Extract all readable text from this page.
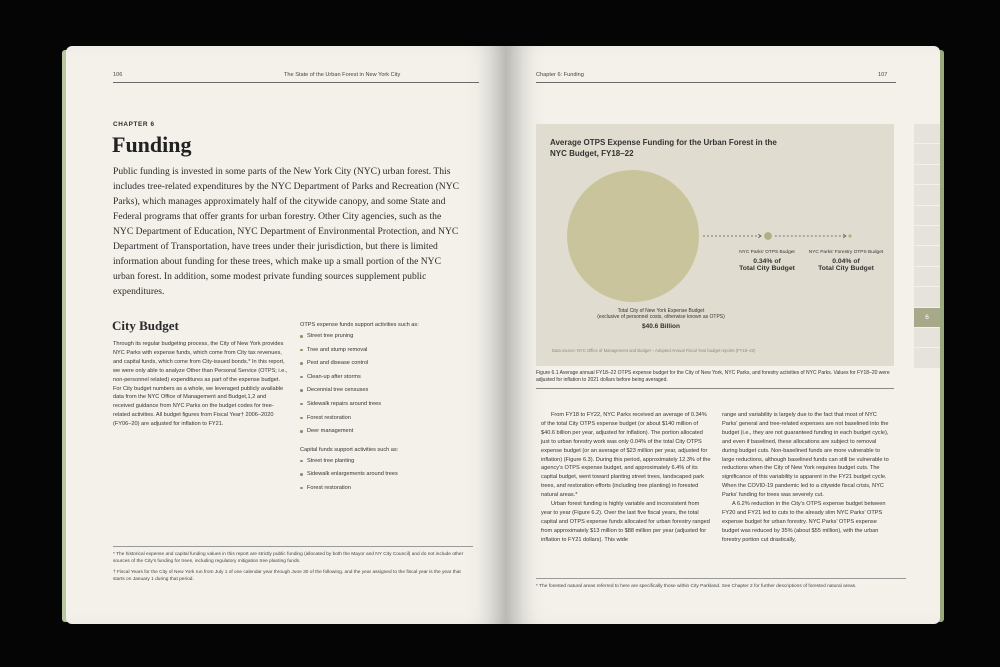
106	The State of the Urban Forest in New York City
CHAPTER 6
Funding

Public funding is invested in some parts of the New York City (NYC) urban forest. This includes tree-related expenditures by the NYC Department of Parks and Recreation (NYC Parks), which manages approximately half of the citywide canopy, and some State and Federal programs that offer grants for urban forestry. Other City agencies, such as the NYC Department of Education, NYC Department of Environmental Protection, and NYC Department of Transportation, have trees under their jurisdiction, but there is limited information about funding for these trees, which make up a small portion of the NYC urban forest. In addition, some modest private funding sources supplement public expenditures.

City Budget

Through its regular budgeting process, the City of New York provides NYC Parks with expense funds, which come from City tax revenues, and capital funds, which come from City-issued bonds.* In this report, we were only able to analyze Other than Personal Service (OTPS; i.e., non-personnel related) expenditures as part of the expense budget. For City budget numbers as a whole, we leveraged publicly available data from the NYC Office of Management and Budget,1,2 and received guidance from NYC Parks on the budget codes for tree-related activities. All budget figures from Fiscal Year† 2006–2020 (FY06–20) are adjusted for inflation to FY21.

OTPS expense funds support activities such as:
Street tree pruning
Tree and stump removal
Pest and disease control
Clean-up after storms
Decennial tree censuses
Sidewalk repairs around trees
Forest restoration
Deer management
Capital funds support activities such as:
Street tree planting
Sidewalk enlargements around trees
Forest restoration

* The historical expense and capital funding values in this report are strictly public funding (allocated by both the Mayor and NY City Council) and do not include other sources of the City’s funding for trees, including regulatory mitigation tree planting funds.

† Fiscal Years for the City of New York run from July 1 of one calendar year through June 30 of the following, and the year assigned to the fiscal year is the year that starts on January 1 during that period.

Chapter 6: Funding	107
Average OTPS Expense Funding for the Urban Forest in the NYC Budget, FY18–22
Total City of New York Expense Budget
(exclusive of personnel costs, otherwise known as OTPS)
$40.6 Billion
NYC Parks’ OTPS Budget
0.34% of
Total City Budget
NYC Parks’ Forestry OTPS Budget
0.04% of
Total City Budget
Data source: NYC Office of Management and Budget – Adopted Annual Fiscal Year budget reports (FY18–22)

Figure 6.1 Average annual FY18–22 OTPS expense budget for the City of New York, NYC Parks, and forestry activities of NYC Parks. Values for FY18–20 were adjusted for inflation to 2021 dollars before being averaged.

From FY18 to FY22, NYC Parks received an average of 0.34% of the total City OTPS expense budget (or about $140 million of $40.6 billion per year, adjusted for inflation). The portion allocated just to urban forestry work was only 0.04% of the total City OTPS expense budget (or an average of $23 million per year, adjusted for inflation) (Figure 6.3). During this period, approximately 12.3% of the agency’s OTPS expense budget, and approximately 6.4% of its capital budget, went toward planting street trees, landscaped park trees, and restoration efforts (including tree planting) in forested natural areas.*

Urban forest funding is highly variable and inconsistent from year to year (Figure 6.2). Over the last five fiscal years, the total capital and OTPS expense funds allocated for urban forestry ranged from approximately $13 million to $88 million per year (adjusted for inflation to FY21 dollars). This wide

range and variability is largely due to the fact that most of NYC Parks’ general and tree-related expenses are not baselined into the budget (i.e., they are not guaranteed funding in each budget cycle), and even if baselined, these allocations are subject to removal during budget cuts. Non-baselined funds are more vulnerable to large reductions, although baselined funds can still be vulnerable to reductions when the City of New York requires budget cuts. The significance of this variability is apparent in the FY21 budget cycle. When the COVID-19 pandemic led to a citywide fiscal crisis, NYC Parks’ funding for trees was severely cut.

A 6.2% reduction in the City’s OTPS expense budget between FY20 and FY21 led to cuts to the already slim NYC Parks’ OTPS expense budget for urban forestry. NYC Parks’ OTPS expense budget was reduced by 35% (about $55 million), with the urban forestry portion cut drastically,

* The forested natural areas referred to here are specifically those within City Parkland. See Chapter 2 for further descriptions of forested natural areas.

6
